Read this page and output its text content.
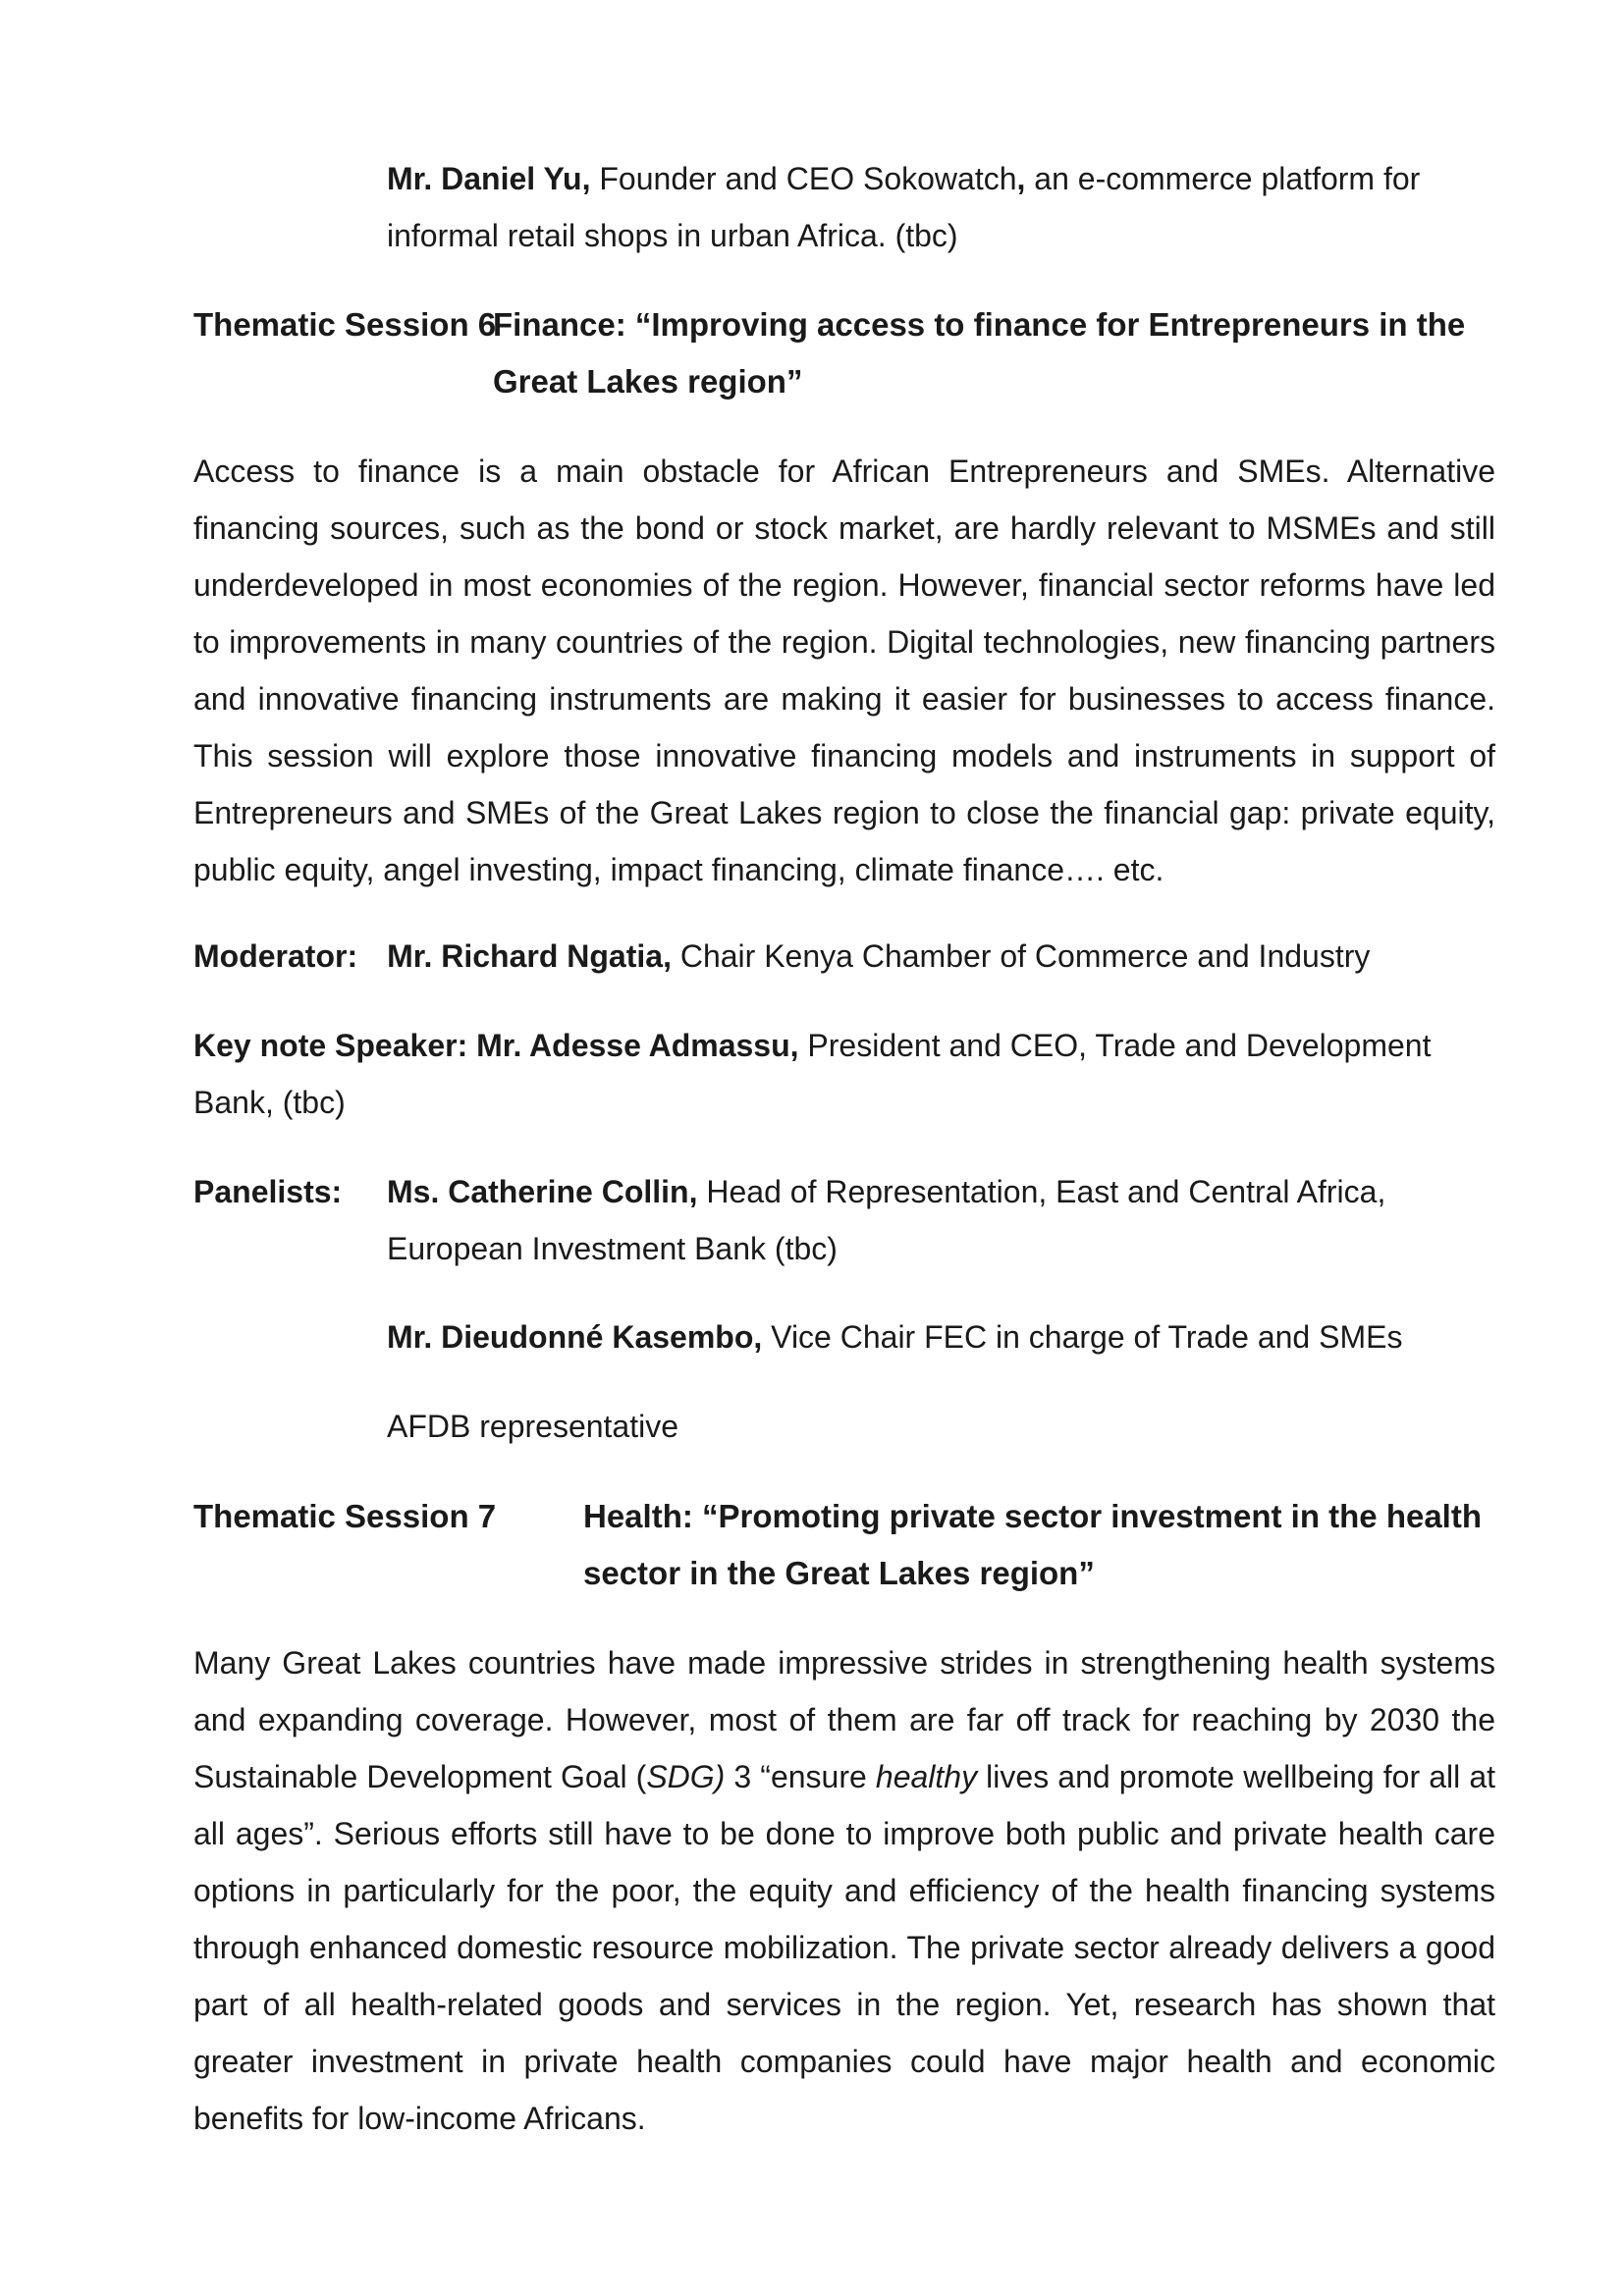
Mr. Daniel Yu, Founder and CEO Sokowatch, an e-commerce platform for informal retail shops in urban Africa. (tbc)

Thematic Session 6
Finance: “Improving access to finance for Entrepreneurs in the Great Lakes region”

Access to finance is a main obstacle for African Entrepreneurs and SMEs. Alternative financing sources, such as the bond or stock market, are hardly relevant to MSMEs and still underdeveloped in most economies of the region. However, financial sector reforms have led to improvements in many countries of the region. Digital technologies, new financing partners and innovative financing instruments are making it easier for businesses to access finance. This session will explore those innovative financing models and instruments in support of Entrepreneurs and SMEs of the Great Lakes region to close the financial gap: private equity, public equity, angel investing, impact financing, climate finance…. etc.

Moderator: Mr. Richard Ngatia, Chair Kenya Chamber of Commerce and Industry

Key note Speaker: Mr. Adesse Admassu, President and CEO, Trade and Development Bank, (tbc)

Panelists:	Ms. Catherine Collin, Head of Representation, East and Central Africa, European Investment Bank (tbc)

Mr. Dieudonné Kasembo, Vice Chair FEC in charge of Trade and SMEs

AFDB representative

Thematic Session 7	Health: “Promoting private sector investment in the health sector in the Great Lakes region”

Many Great Lakes countries have made impressive strides in strengthening health systems and expanding coverage. However, most of them are far off track for reaching by 2030 the Sustainable Development Goal (SDG) 3 “ensure healthy lives and promote wellbeing for all at all ages”. Serious efforts still have to be done to improve both public and private health care options in particularly for the poor, the equity and efficiency of the health financing systems through enhanced domestic resource mobilization. The private sector already delivers a good part of all health-related goods and services in the region. Yet, research has shown that greater investment in private health companies could have major health and economic benefits for low-income Africans.
